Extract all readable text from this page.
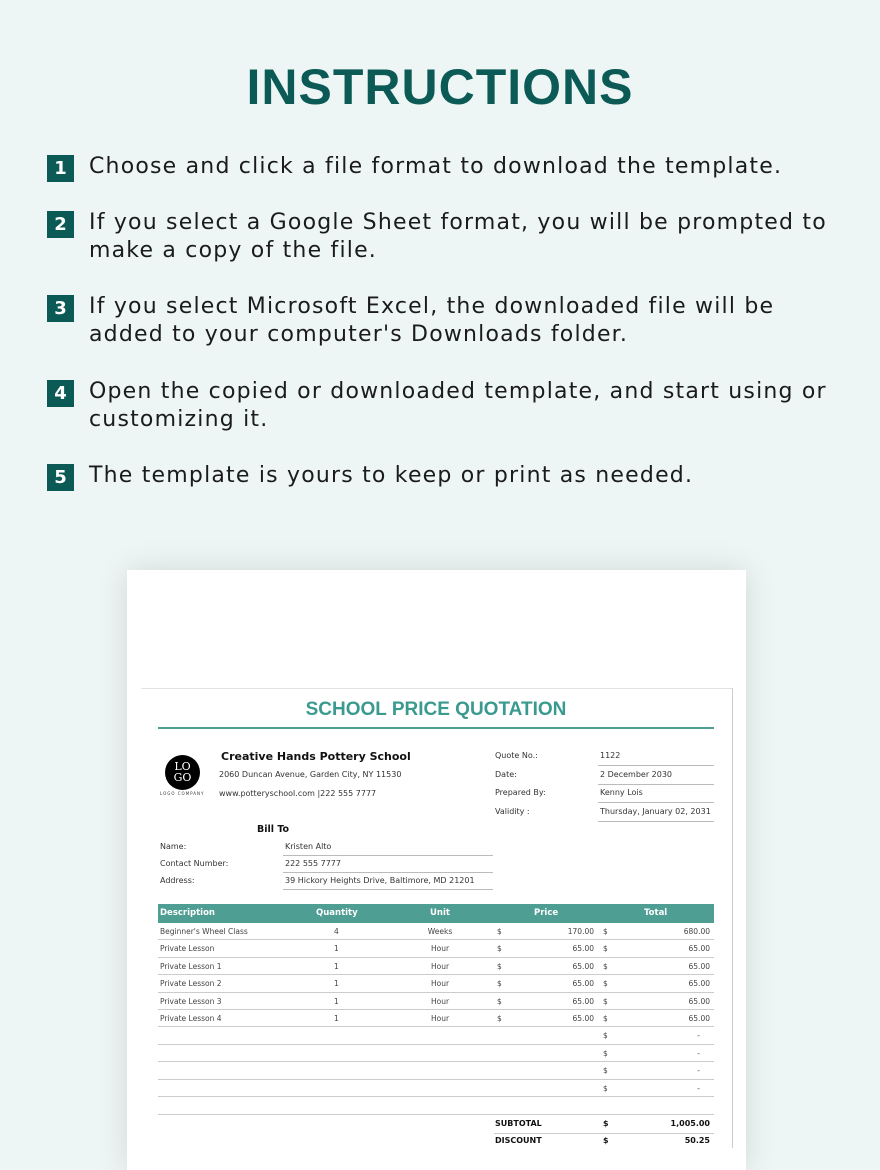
INSTRUCTIONS
1	Choose and click a file format to download the template.
2	If you select a Google Sheet format, you will be prompted to make a copy of the file.
3	If you select Microsoft Excel, the downloaded file will be added to your computer's Downloads folder.
4	Open the copied or downloaded template, and start using or customizing it.
5	The template is yours to keep or print as needed.
SCHOOL PRICE QUOTATION
LO GO
LOGO COMPANY
Creative Hands Pottery School
2060 Duncan Avenue, Garden City, NY 11530
www.potteryschool.com |222 555 7777
Quote No.:	1122
Date:	2 December 2030
Prepared By:	Kenny Lois
Validity :	Thursday, January 02, 2031
Bill To
Name:	Kristen Alto
Contact Number:	222 555 7777
Address:	39 Hickory Heights Drive, Baltimore, MD 21201
Description	Quantity	Unit	Price	Total
Beginner's Wheel Class	4	Weeks	$	170.00 $	680.00
Private Lesson	1	Hour	$	65.00 $	65.00
Private Lesson 1	1	Hour	$	65.00 $	65.00
Private Lesson 2	1	Hour	$	65.00 $	65.00
Private Lesson 3	1	Hour	$	65.00 $	65.00
Private Lesson 4	1	Hour	$	65.00 $	65.00
$	-
$	-
$	-
$	-
SUBTOTAL	$	1,005.00
DISCOUNT	$	50.25
